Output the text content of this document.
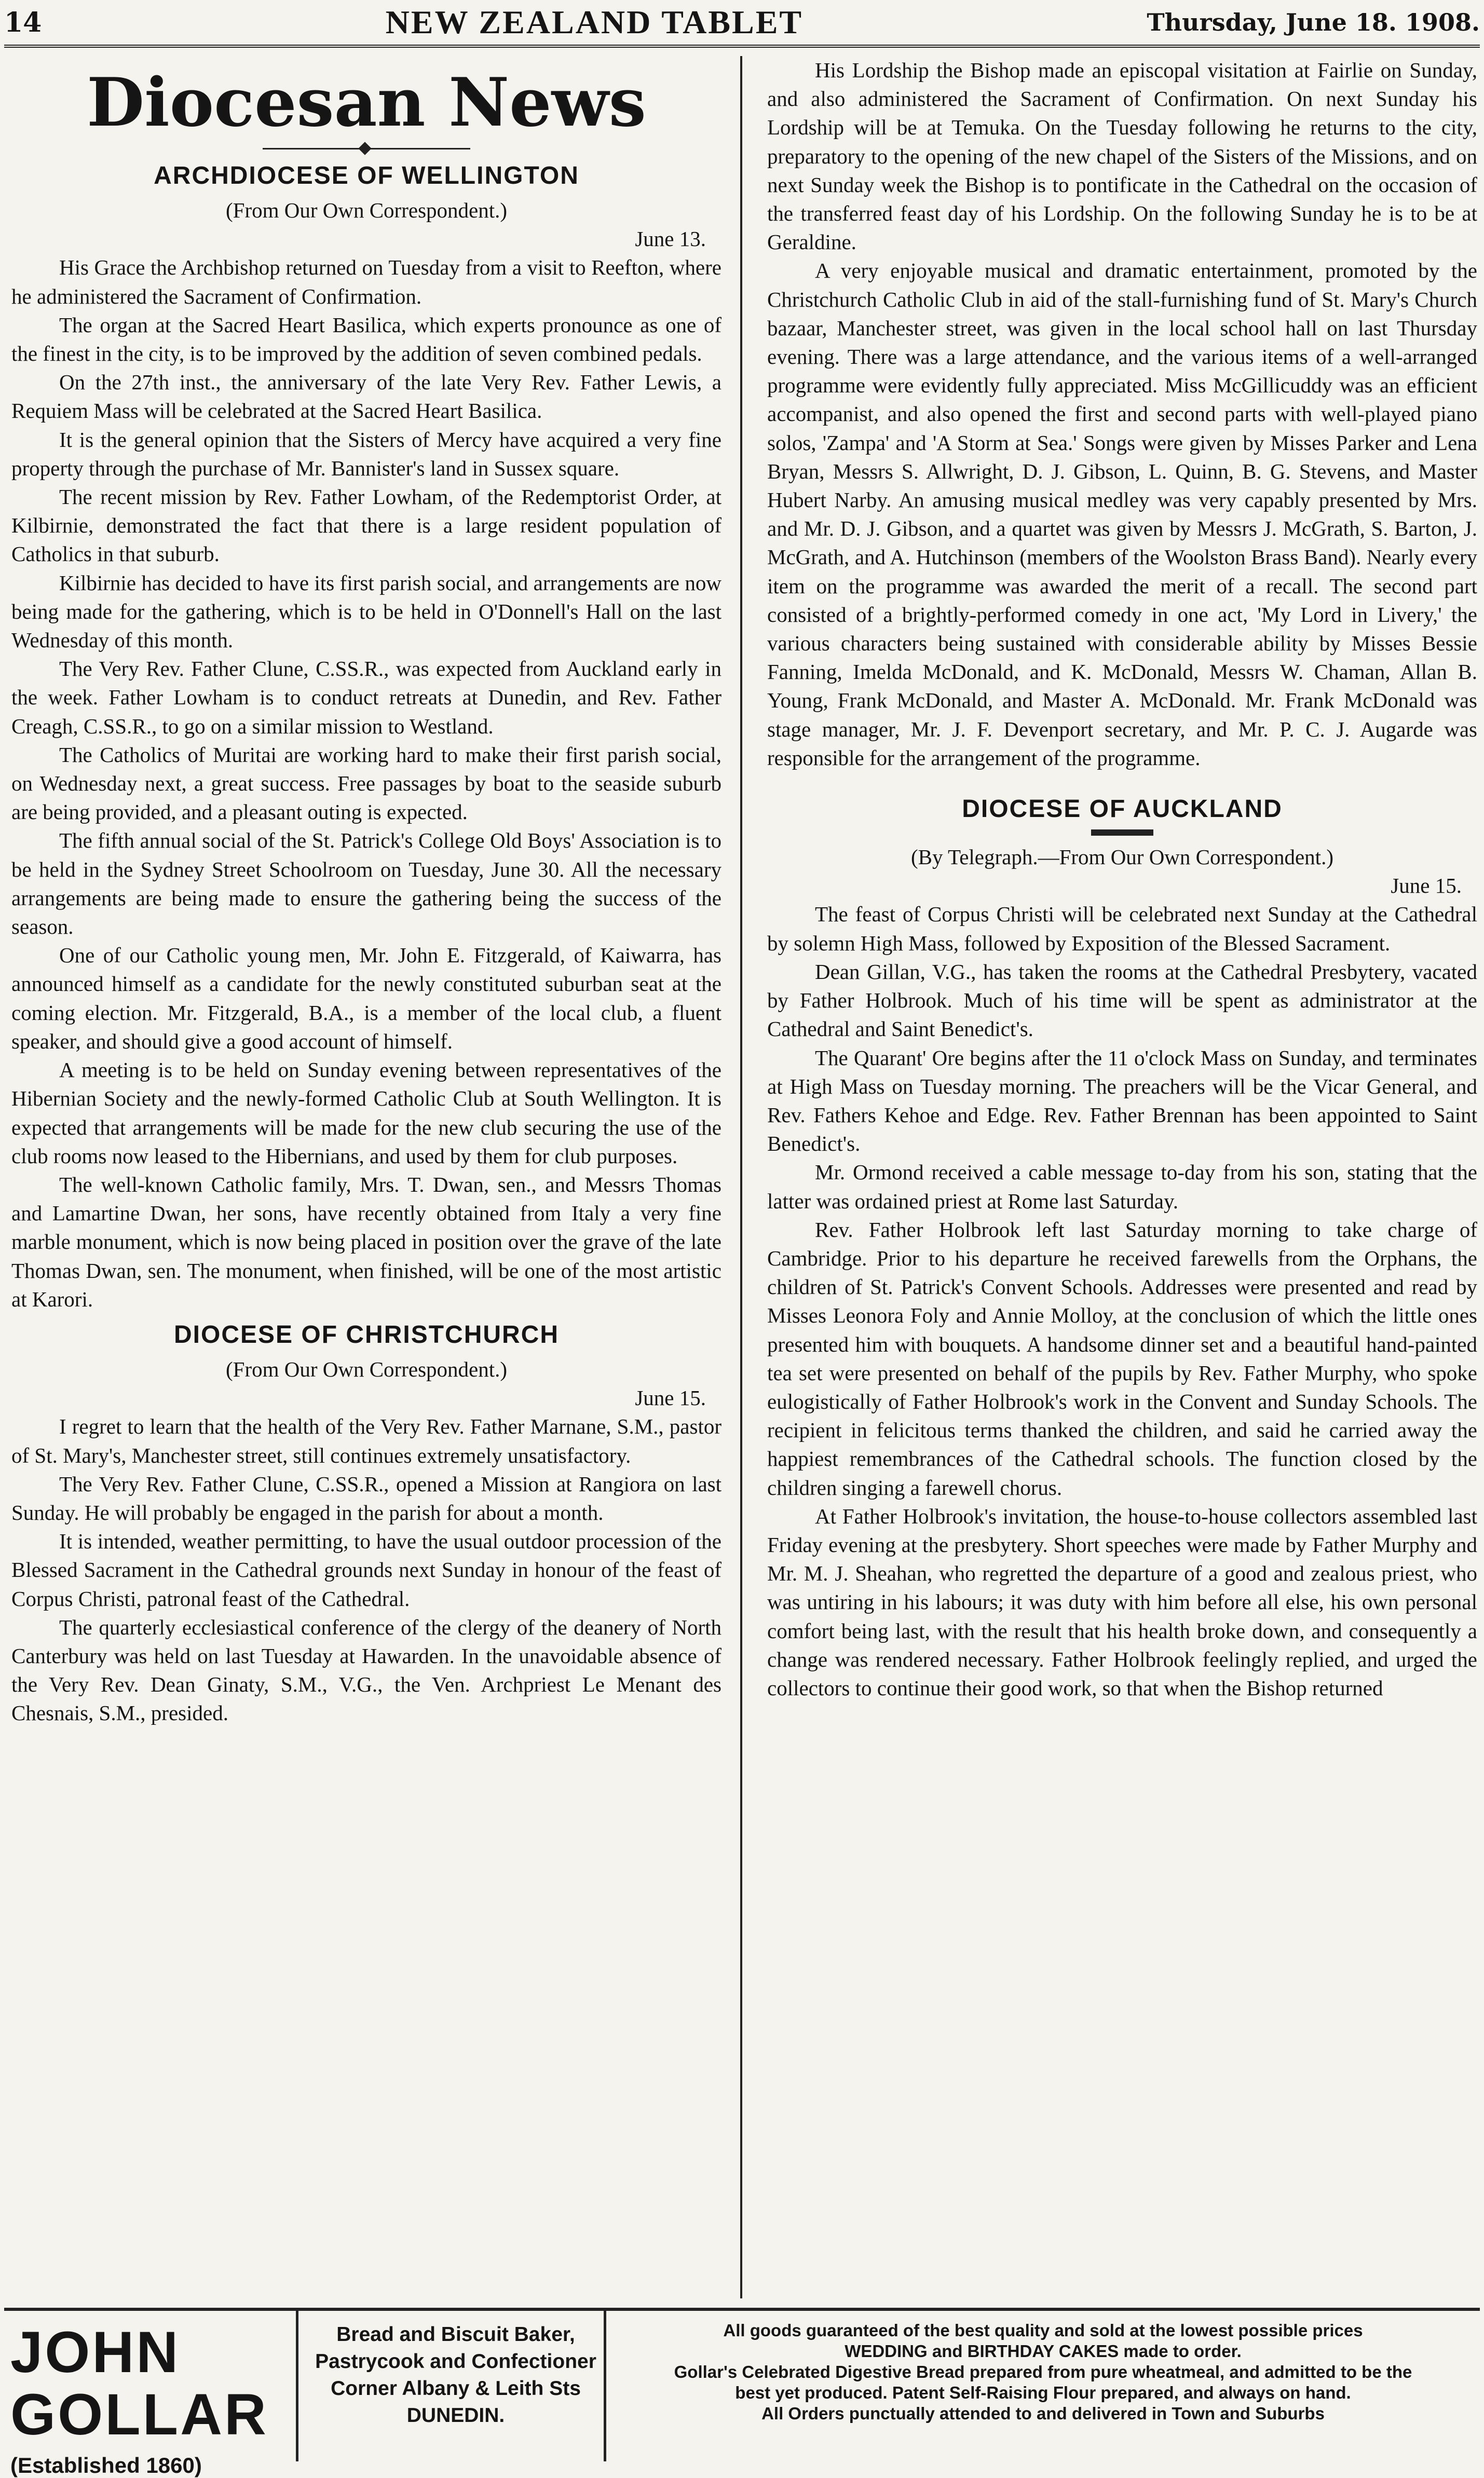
14	NEW ZEALAND TABLET	Thursday, June 18. 1908.
Diocesan News
ARCHDIOCESE OF WELLINGTON

(From Our Own Correspondent.)

June 13.

His Grace the Archbishop returned on Tuesday from a visit to Reefton, where he administered the Sacrament of Confirmation.

The organ at the Sacred Heart Basilica, which experts pronounce as one of the finest in the city, is to be improved by the addition of seven combined pedals.

On the 27th inst., the anniversary of the late Very Rev. Father Lewis, a Requiem Mass will be celebrated at the Sacred Heart Basilica.

It is the general opinion that the Sisters of Mercy have acquired a very fine property through the purchase of Mr. Bannister's land in Sussex square.

The recent mission by Rev. Father Lowham, of the Redemptorist Order, at Kilbirnie, demonstrated the fact that there is a large resident population of Catholics in that suburb.

Kilbirnie has decided to have its first parish social, and arrangements are now being made for the gathering, which is to be held in O'Donnell's Hall on the last Wednesday of this month.

The Very Rev. Father Clune, C.SS.R., was expected from Auckland early in the week. Father Lowham is to conduct retreats at Dunedin, and Rev. Father Creagh, C.SS.R., to go on a similar mission to Westland.

The Catholics of Muritai are working hard to make their first parish social, on Wednesday next, a great success. Free passages by boat to the seaside suburb are being provided, and a pleasant outing is expected.

The fifth annual social of the St. Patrick's College Old Boys' Association is to be held in the Sydney Street Schoolroom on Tuesday, June 30. All the necessary arrangements are being made to ensure the gathering being the success of the season.

One of our Catholic young men, Mr. John E. Fitzgerald, of Kaiwarra, has announced himself as a candidate for the newly constituted suburban seat at the coming election. Mr. Fitzgerald, B.A., is a member of the local club, a fluent speaker, and should give a good account of himself.

A meeting is to be held on Sunday evening between representatives of the Hibernian Society and the newly-formed Catholic Club at South Wellington. It is expected that arrangements will be made for the new club securing the use of the club rooms now leased to the Hibernians, and used by them for club purposes.

The well-known Catholic family, Mrs. T. Dwan, sen., and Messrs Thomas and Lamartine Dwan, her sons, have recently obtained from Italy a very fine marble monument, which is now being placed in position over the grave of the late Thomas Dwan, sen. The monument, when finished, will be one of the most artistic at Karori.

DIOCESE OF CHRISTCHURCH

(From Our Own Correspondent.)

June 15.

I regret to learn that the health of the Very Rev. Father Marnane, S.M., pastor of St. Mary's, Manchester street, still continues extremely unsatisfactory.

The Very Rev. Father Clune, C.SS.R., opened a Mission at Rangiora on last Sunday. He will probably be engaged in the parish for about a month.

It is intended, weather permitting, to have the usual outdoor procession of the Blessed Sacrament in the Cathedral grounds next Sunday in honour of the feast of Corpus Christi, patronal feast of the Cathedral.

The quarterly ecclesiastical conference of the clergy of the deanery of North Canterbury was held on last Tuesday at Hawarden. In the unavoidable absence of the Very Rev. Dean Ginaty, S.M., V.G., the Ven. Archpriest Le Menant des Chesnais, S.M., presided.

His Lordship the Bishop made an episcopal visitation at Fairlie on Sunday, and also administered the Sacrament of Confirmation. On next Sunday his Lordship will be at Temuka. On the Tuesday following he returns to the city, preparatory to the opening of the new chapel of the Sisters of the Missions, and on next Sunday week the Bishop is to pontificate in the Cathedral on the occasion of the transferred feast day of his Lordship. On the following Sunday he is to be at Geraldine.

A very enjoyable musical and dramatic entertainment, promoted by the Christchurch Catholic Club in aid of the stall-furnishing fund of St. Mary's Church bazaar, Manchester street, was given in the local school hall on last Thursday evening. There was a large attendance, and the various items of a well-arranged programme were evidently fully appreciated. Miss McGillicuddy was an efficient accompanist, and also opened the first and second parts with well-played piano solos, 'Zampa' and 'A Storm at Sea.' Songs were given by Misses Parker and Lena Bryan, Messrs S. Allwright, D. J. Gibson, L. Quinn, B. G. Stevens, and Master Hubert Narby. An amusing musical medley was very capably presented by Mrs. and Mr. D. J. Gibson, and a quartet was given by Messrs J. McGrath, S. Barton, J. McGrath, and A. Hutchinson (members of the Woolston Brass Band). Nearly every item on the programme was awarded the merit of a recall. The second part consisted of a brightly-performed comedy in one act, 'My Lord in Livery,' the various characters being sustained with considerable ability by Misses Bessie Fanning, Imelda McDonald, and K. McDonald, Messrs W. Chaman, Allan B. Young, Frank McDonald, and Master A. McDonald. Mr. Frank McDonald was stage manager, Mr. J. F. Devenport secretary, and Mr. P. C. J. Augarde was responsible for the arrangement of the programme.

DIOCESE OF AUCKLAND

(By Telegraph.—From Our Own Correspondent.)

June 15.

The feast of Corpus Christi will be celebrated next Sunday at the Cathedral by solemn High Mass, followed by Exposition of the Blessed Sacrament.

Dean Gillan, V.G., has taken the rooms at the Cathedral Presbytery, vacated by Father Holbrook. Much of his time will be spent as administrator at the Cathedral and Saint Benedict's.

The Quarant' Ore begins after the 11 o'clock Mass on Sunday, and terminates at High Mass on Tuesday morning. The preachers will be the Vicar General, and Rev. Fathers Kehoe and Edge. Rev. Father Brennan has been appointed to Saint Benedict's.

Mr. Ormond received a cable message to-day from his son, stating that the latter was ordained priest at Rome last Saturday.

Rev. Father Holbrook left last Saturday morning to take charge of Cambridge. Prior to his departure he received farewells from the Orphans, the children of St. Patrick's Convent Schools. Addresses were presented and read by Misses Leonora Foly and Annie Molloy, at the conclusion of which the little ones presented him with bouquets. A handsome dinner set and a beautiful hand-painted tea set were presented on behalf of the pupils by Rev. Father Murphy, who spoke eulogistically of Father Holbrook's work in the Convent and Sunday Schools. The recipient in felicitous terms thanked the children, and said he carried away the happiest remembrances of the Cathedral schools. The function closed by the children singing a farewell chorus.

At Father Holbrook's invitation, the house-to-house collectors assembled last Friday evening at the presbytery. Short speeches were made by Father Murphy and Mr. M. J. Sheahan, who regretted the departure of a good and zealous priest, who was untiring in his labours; it was duty with him before all else, his own personal comfort being last, with the result that his health broke down, and consequently a change was rendered necessary. Father Holbrook feelingly replied, and urged the collectors to continue their good work, so that when the Bishop returned

JOHN GOLLAR
(Established 1860)
Bread and Biscuit Baker,
Pastrycook and Confectioner
Corner Albany & Leith Sts
DUNEDIN.
All goods guaranteed of the best quality and sold at the lowest possible prices
WEDDING and BIRTHDAY CAKES made to order.
Gollar's Celebrated Digestive Bread prepared from pure wheatmeal, and admitted to be the
best yet produced. Patent Self-Raising Flour prepared, and always on hand.
All Orders punctually attended to and delivered in Town and Suburbs
